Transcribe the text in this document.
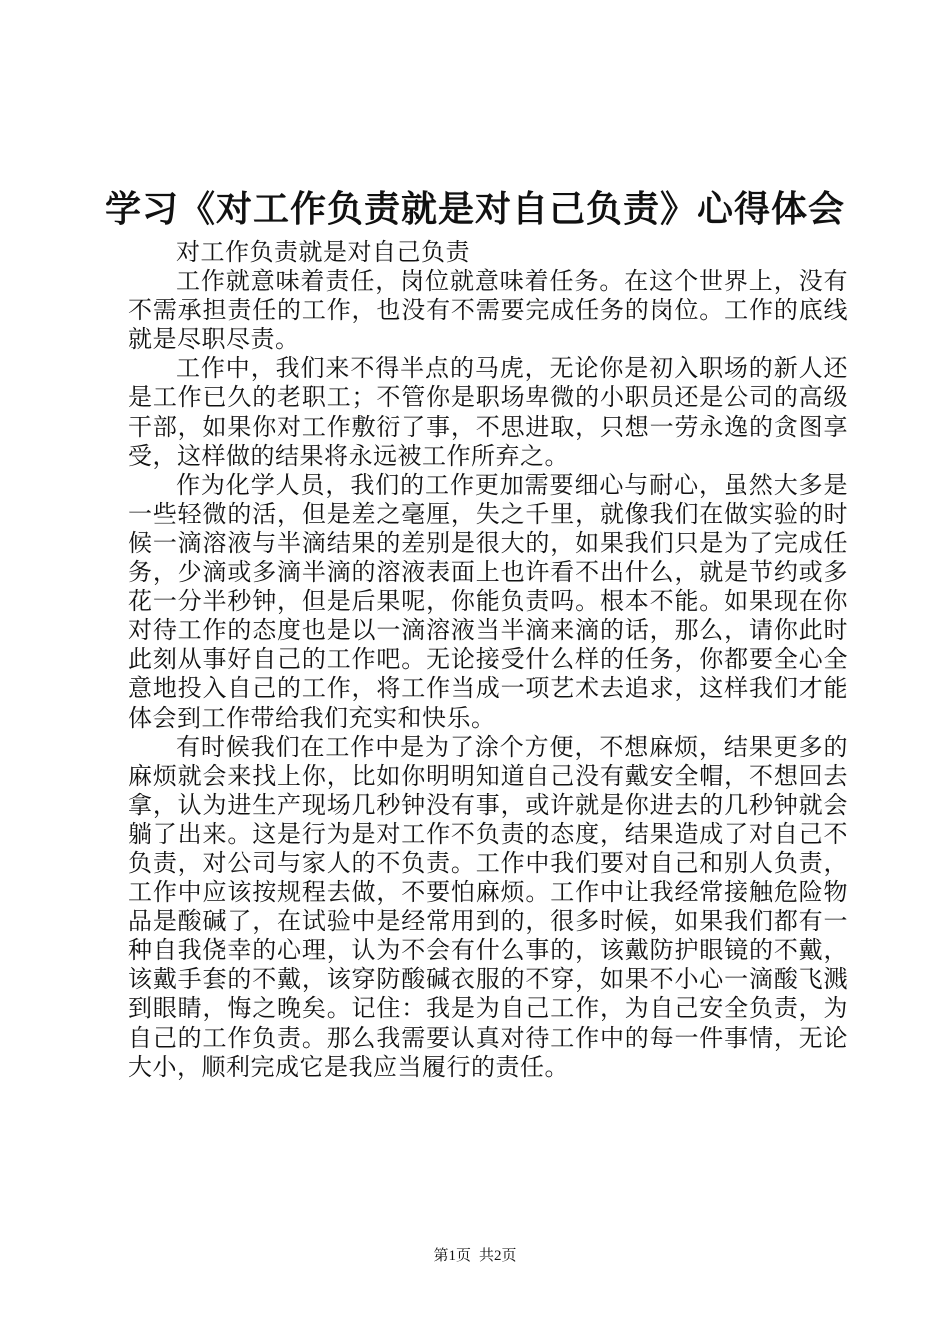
学习《对工作负责就是对自己负责》心得体会

对工作负责就是对自己负责

工作就意味着责任，岗位就意味着任务。在这个世界上，没有不需承担责任的工作，也没有不需要完成任务的岗位。工作的底线就是尽职尽责。

工作中，我们来不得半点的马虎，无论你是初入职场的新人还是工作已久的老职工；不管你是职场卑微的小职员还是公司的高级干部，如果你对工作敷衍了事，不思进取，只想一劳永逸的贪图享受，这样做的结果将永远被工作所弃之。

作为化学人员，我们的工作更加需要细心与耐心，虽然大多是一些轻微的活，但是差之毫厘，失之千里，就像我们在做实验的时候一滴溶液与半滴结果的差别是很大的，如果我们只是为了完成任务，少滴或多滴半滴的溶液表面上也许看不出什么，就是节约或多花一分半秒钟，但是后果呢，你能负责吗。根本不能。如果现在你对待工作的态度也是以一滴溶液当半滴来滴的话，那么，请你此时此刻从事好自己的工作吧。无论接受什么样的任务，你都要全心全意地投入自己的工作，将工作当成一项艺术去追求，这样我们才能体会到工作带给我们充实和快乐。

有时候我们在工作中是为了涂个方便，不想麻烦，结果更多的麻烦就会来找上你，比如你明明知道自己没有戴安全帽，不想回去拿，认为进生产现场几秒钟没有事，或许就是你进去的几秒钟就会躺了出来。这是行为是对工作不负责的态度，结果造成了对自己不负责，对公司与家人的不负责。工作中我们要对自己和别人负责，工作中应该按规程去做，不要怕麻烦。工作中让我经常接触危险物品是酸碱了，在试验中是经常用到的，很多时候，如果我们都有一种自我侥幸的心理，认为不会有什么事的，该戴防护眼镜的不戴，该戴手套的不戴，该穿防酸碱衣服的不穿，如果不小心一滴酸飞溅到眼睛，悔之晚矣。记住：我是为自己工作，为自己安全负责，为自己的工作负责。那么我需要认真对待工作中的每一件事情，无论大小，顺利完成它是我应当履行的责任。

第1页 共2页
